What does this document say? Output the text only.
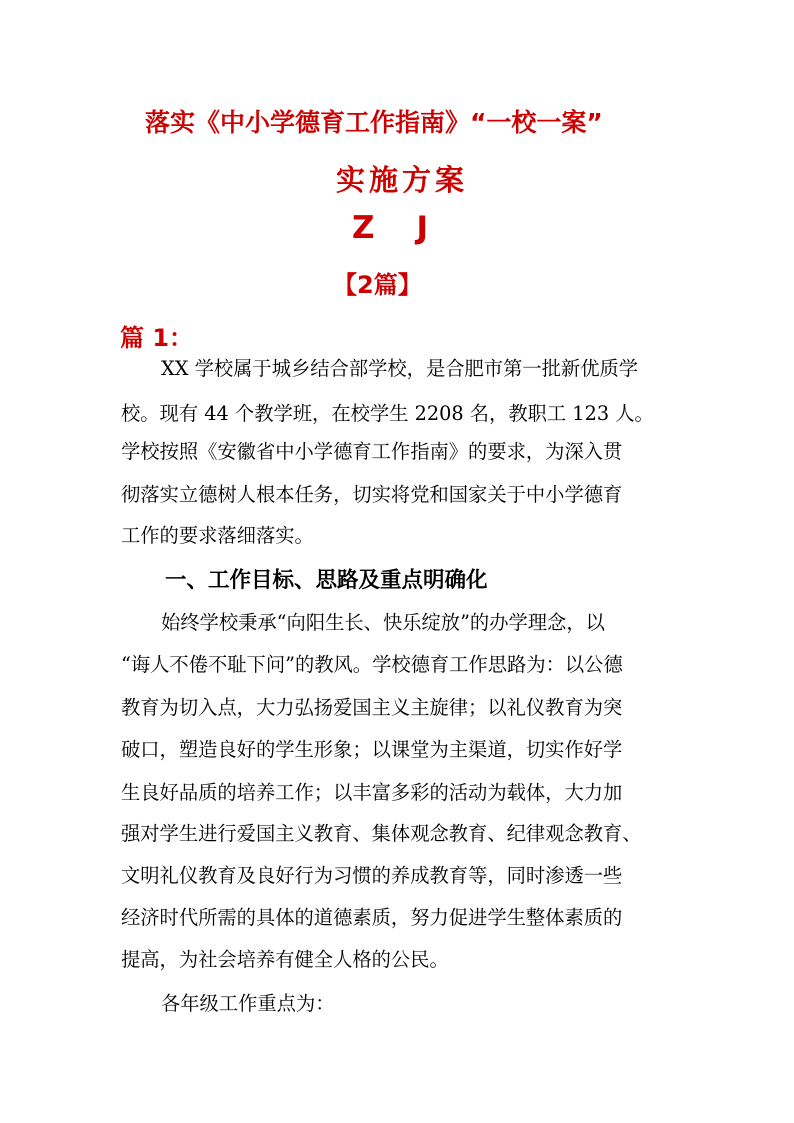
落实《中小学德育工作指南》“一校一案”
实施方案
ZJ
【2篇】
篇 1：
XX 学校属于城乡结合部学校，是合肥市第一批新优质学
校。现有 44 个教学班，在校学生 2208 名，教职工 123 人。
学校按照《安徽省中小学德育工作指南》的要求，为深入贯
彻落实立德树人根本任务，切实将党和国家关于中小学德育
工作的要求落细落实。
一、工作目标、思路及重点明确化
始终学校秉承“向阳生长、快乐绽放”的办学理念，以
“诲人不倦不耻下问”的教风。学校德育工作思路为：以公德
教育为切入点，大力弘扬爱国主义主旋律；以礼仪教育为突
破口，塑造良好的学生形象；以课堂为主渠道，切实作好学
生良好品质的培养工作；以丰富多彩的活动为载体，大力加
强对学生进行爱国主义教育、集体观念教育、纪律观念教育、
文明礼仪教育及良好行为习惯的养成教育等，同时渗透一些
经济时代所需的具体的道德素质，努力促进学生整体素质的
提高，为社会培养有健全人格的公民。
各年级工作重点为：
